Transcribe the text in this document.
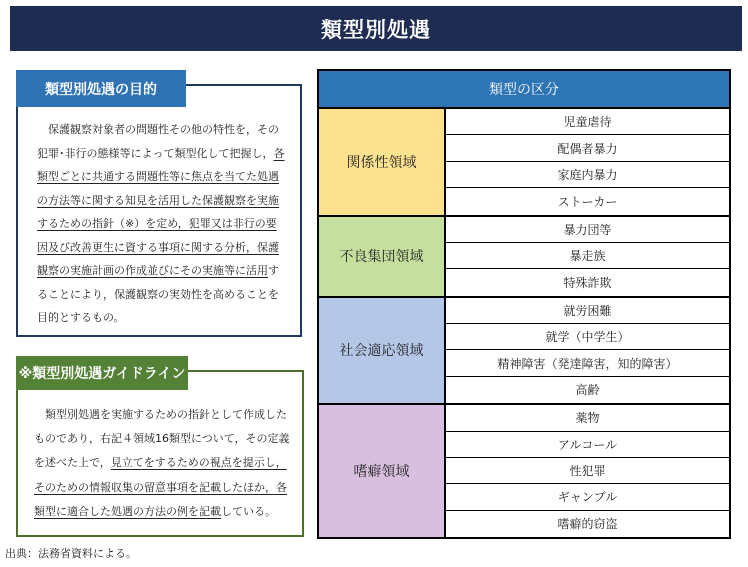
類型別処遇
類型別処遇の目的
　保護観察対象者の問題性その他の特性を，その犯罪･非行の態様等によって類型化して把握し，各類型ごとに共通する問題性等に焦点を当てた処遇の方法等に関する知見を活用した保護観察を実施するための指針（※）を定め，犯罪又は非行の要因及び改善更生に資する事項に関する分析，保護観察の実施計画の作成並びにその実施等に活用することにより，保護観察の実効性を高めることを目的とするもの。
※類型別処遇ガイドライン
　類型別処遇を実施するための指針として作成したものであり，右記４領域16類型について，その定義を述べた上で，見立てをするための視点を提示し，そのための情報収集の留意事項を記載したほか，各類型に適合した処遇の方法の例を記載している。
類型の区分
関係性領域
児童虐待
配偶者暴力
家庭内暴力
ストーカー
不良集団領域
暴力団等
暴走族
特殊詐欺
社会適応領域
就労困難
就学（中学生）
精神障害（発達障害，知的障害）
高齢
嗜癖領域
薬物
アルコール
性犯罪
ギャンブル
嗜癖的窃盗
出典：法務省資料による。
